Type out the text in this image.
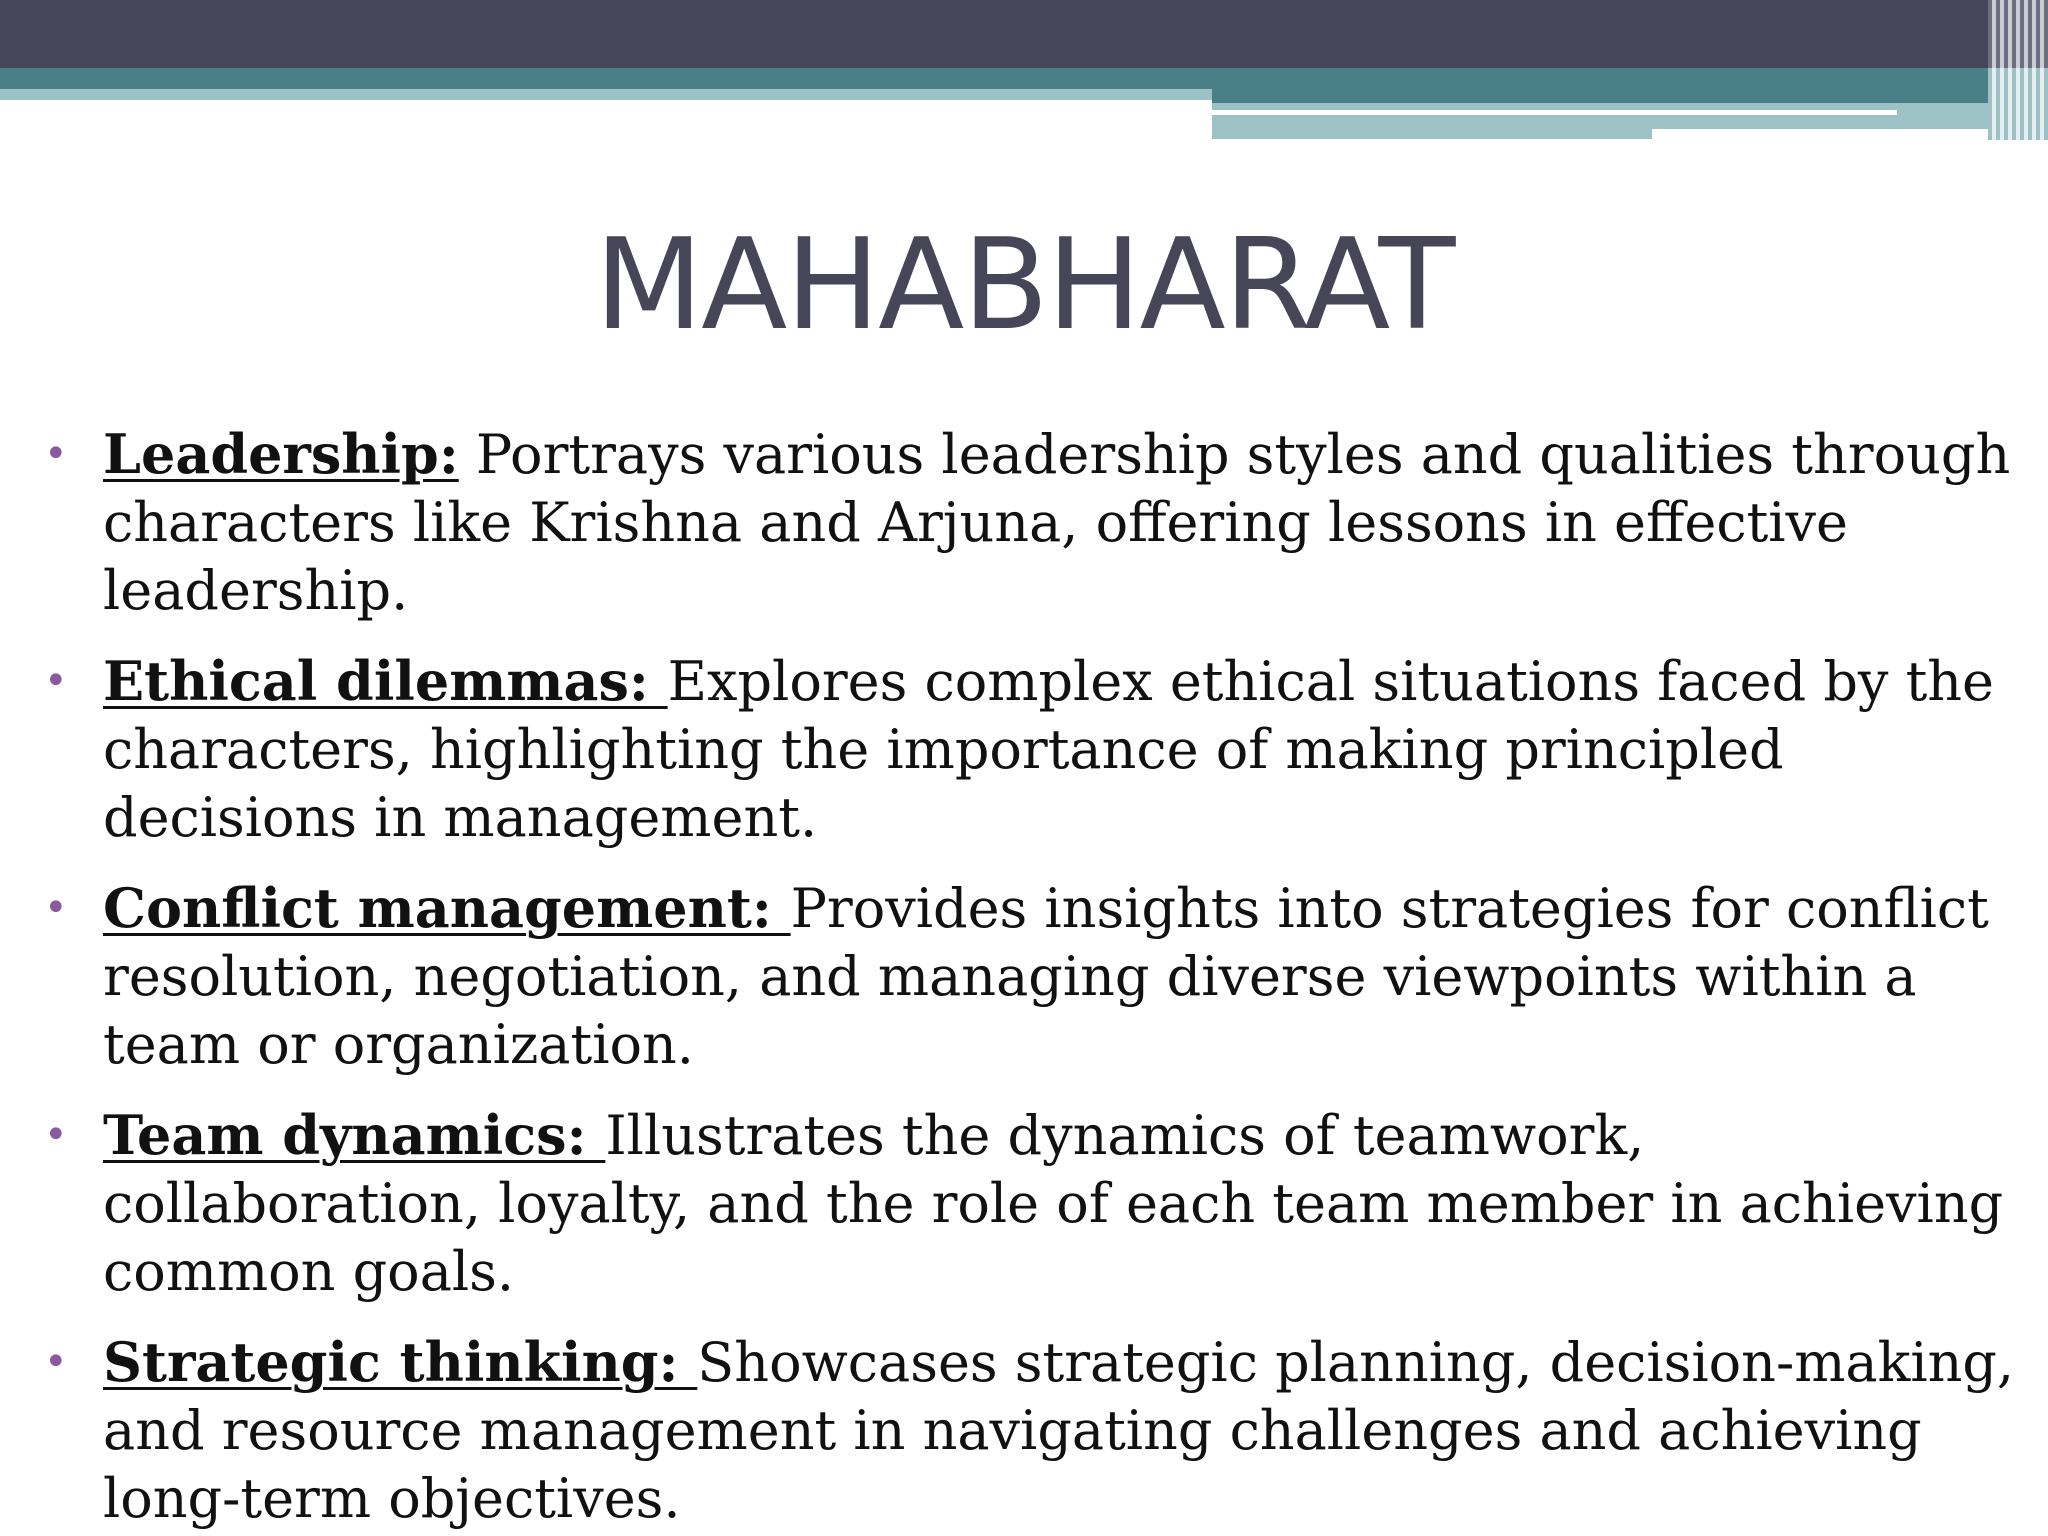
MAHABHARAT
• Leadership: Portrays various leadership styles and qualities through characters like Krishna and Arjuna, offering lessons in effective leadership.
• Ethical dilemmas: Explores complex ethical situations faced by the characters, highlighting the importance of making principled decisions in management.
• Conflict management: Provides insights into strategies for conflict resolution, negotiation, and managing diverse viewpoints within a team or organization.
• Team dynamics: Illustrates the dynamics of teamwork, collaboration, loyalty, and the role of each team member in achieving common goals.
• Strategic thinking: Showcases strategic planning, decision-making, and resource management in navigating challenges and achieving long-term objectives.
